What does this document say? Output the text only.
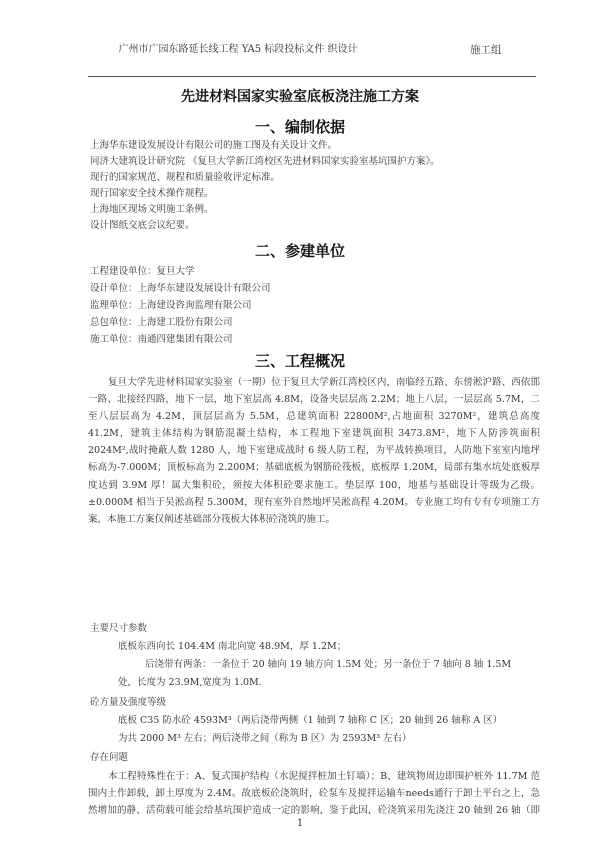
广州市广园东路延长线工程 YA5 标段投标文件 织设计	施工组
先进材料国家实验室底板浇注施工方案
一、编制依据
上海华东建设发展设计有限公司的施工图及有关设计文件。
同济大建筑设计研究院 《复旦大学新江湾校区先进材料国家实验室基坑围护方案》。
现行的国家规范、规程和质量验收评定标准。
现行国家安全技术操作规程。
上海地区现场文明施工条例。
设计图纸交底会议纪要。
二、参建单位
工程建设单位：复旦大学
设计单位：上海华东建设发展设计有限公司
监理单位：上海建设咨询监理有限公司
总包单位：上海建工股份有限公司
施工单位：南通四建集团有限公司
三、工程概况
复旦大学先进材料国家实验室（一期）位于复旦大学新江湾校区内，南临经五路、东傍淞沪路、西依邯一路、北接经四路，地下一层，地下室层高 4.8M，设备夹层层高 2.2M；地上八层，一层层高 5.7M，二至八层层高为 4.2M，顶层层高为 5.5M，总建筑面积 22800M²,占地面积 3270M²，建筑总高度 41.2M，建筑主体结构为钢筋混凝土结构，本工程地下室建筑面积 3473.8M²，地下人防涉筑面积 2024M²,战时掩蔽人数 1280 人，地下室建成战时 6 级人防工程，为平战转换项目，人防地下室室内地坪标高为-7.000M；顶板标高为 2.200M；基础底板为钢筋砼筏板，底板厚 1.20M，局部有集水坑处底板厚度达到 3.9M 厚！属大集积砼，须按大体积砼要求施工。垫层厚 100，地基与基础设计等级为乙级。±0.000M 相当于吴淞高程 5.300M，现有室外自然地坪吴淞高程 4.20M。专业施工均有专有专项施工方案，本施工方案仅阐述基础部分筏板大体积砼浇筑的施工。
主要尺寸参数
底板东西向长 104.4M 南北向宽 48.9M，厚 1.2M；
后浇带有两条：一条位于 20 轴向 19 轴方向 1.5M 处；另一条位于 7 轴向 8 轴 1.5M
处，长度为 23.9M,宽度为 1.0M.
砼方量及强度等级
底板 C35 防水砼 4593M³（两后浇带两侧（1 轴到 7 轴称 C 区；20 轴到 26 轴称 A 区）
为共 2000 M³ 左右；两后浇带之间（称为 B 区）为 2593M³ 左右）
存在问题
本工程特殊性在于：A、复式围护结构（水泥搅拌桩加土钉墙）；B、建筑物周边即围护桩外 11.7M 范围内土作卸载，卸土厚度为 2.4M。故底板砼浇筑时，砼泵车及搅拌运输车needs通行于卸土平台之上，急然增加的静、活荷载可能会给基坑围护造成一定的影响，鉴于此因，砼浇筑采用先浇注 20 轴到 26 轴（即
1
